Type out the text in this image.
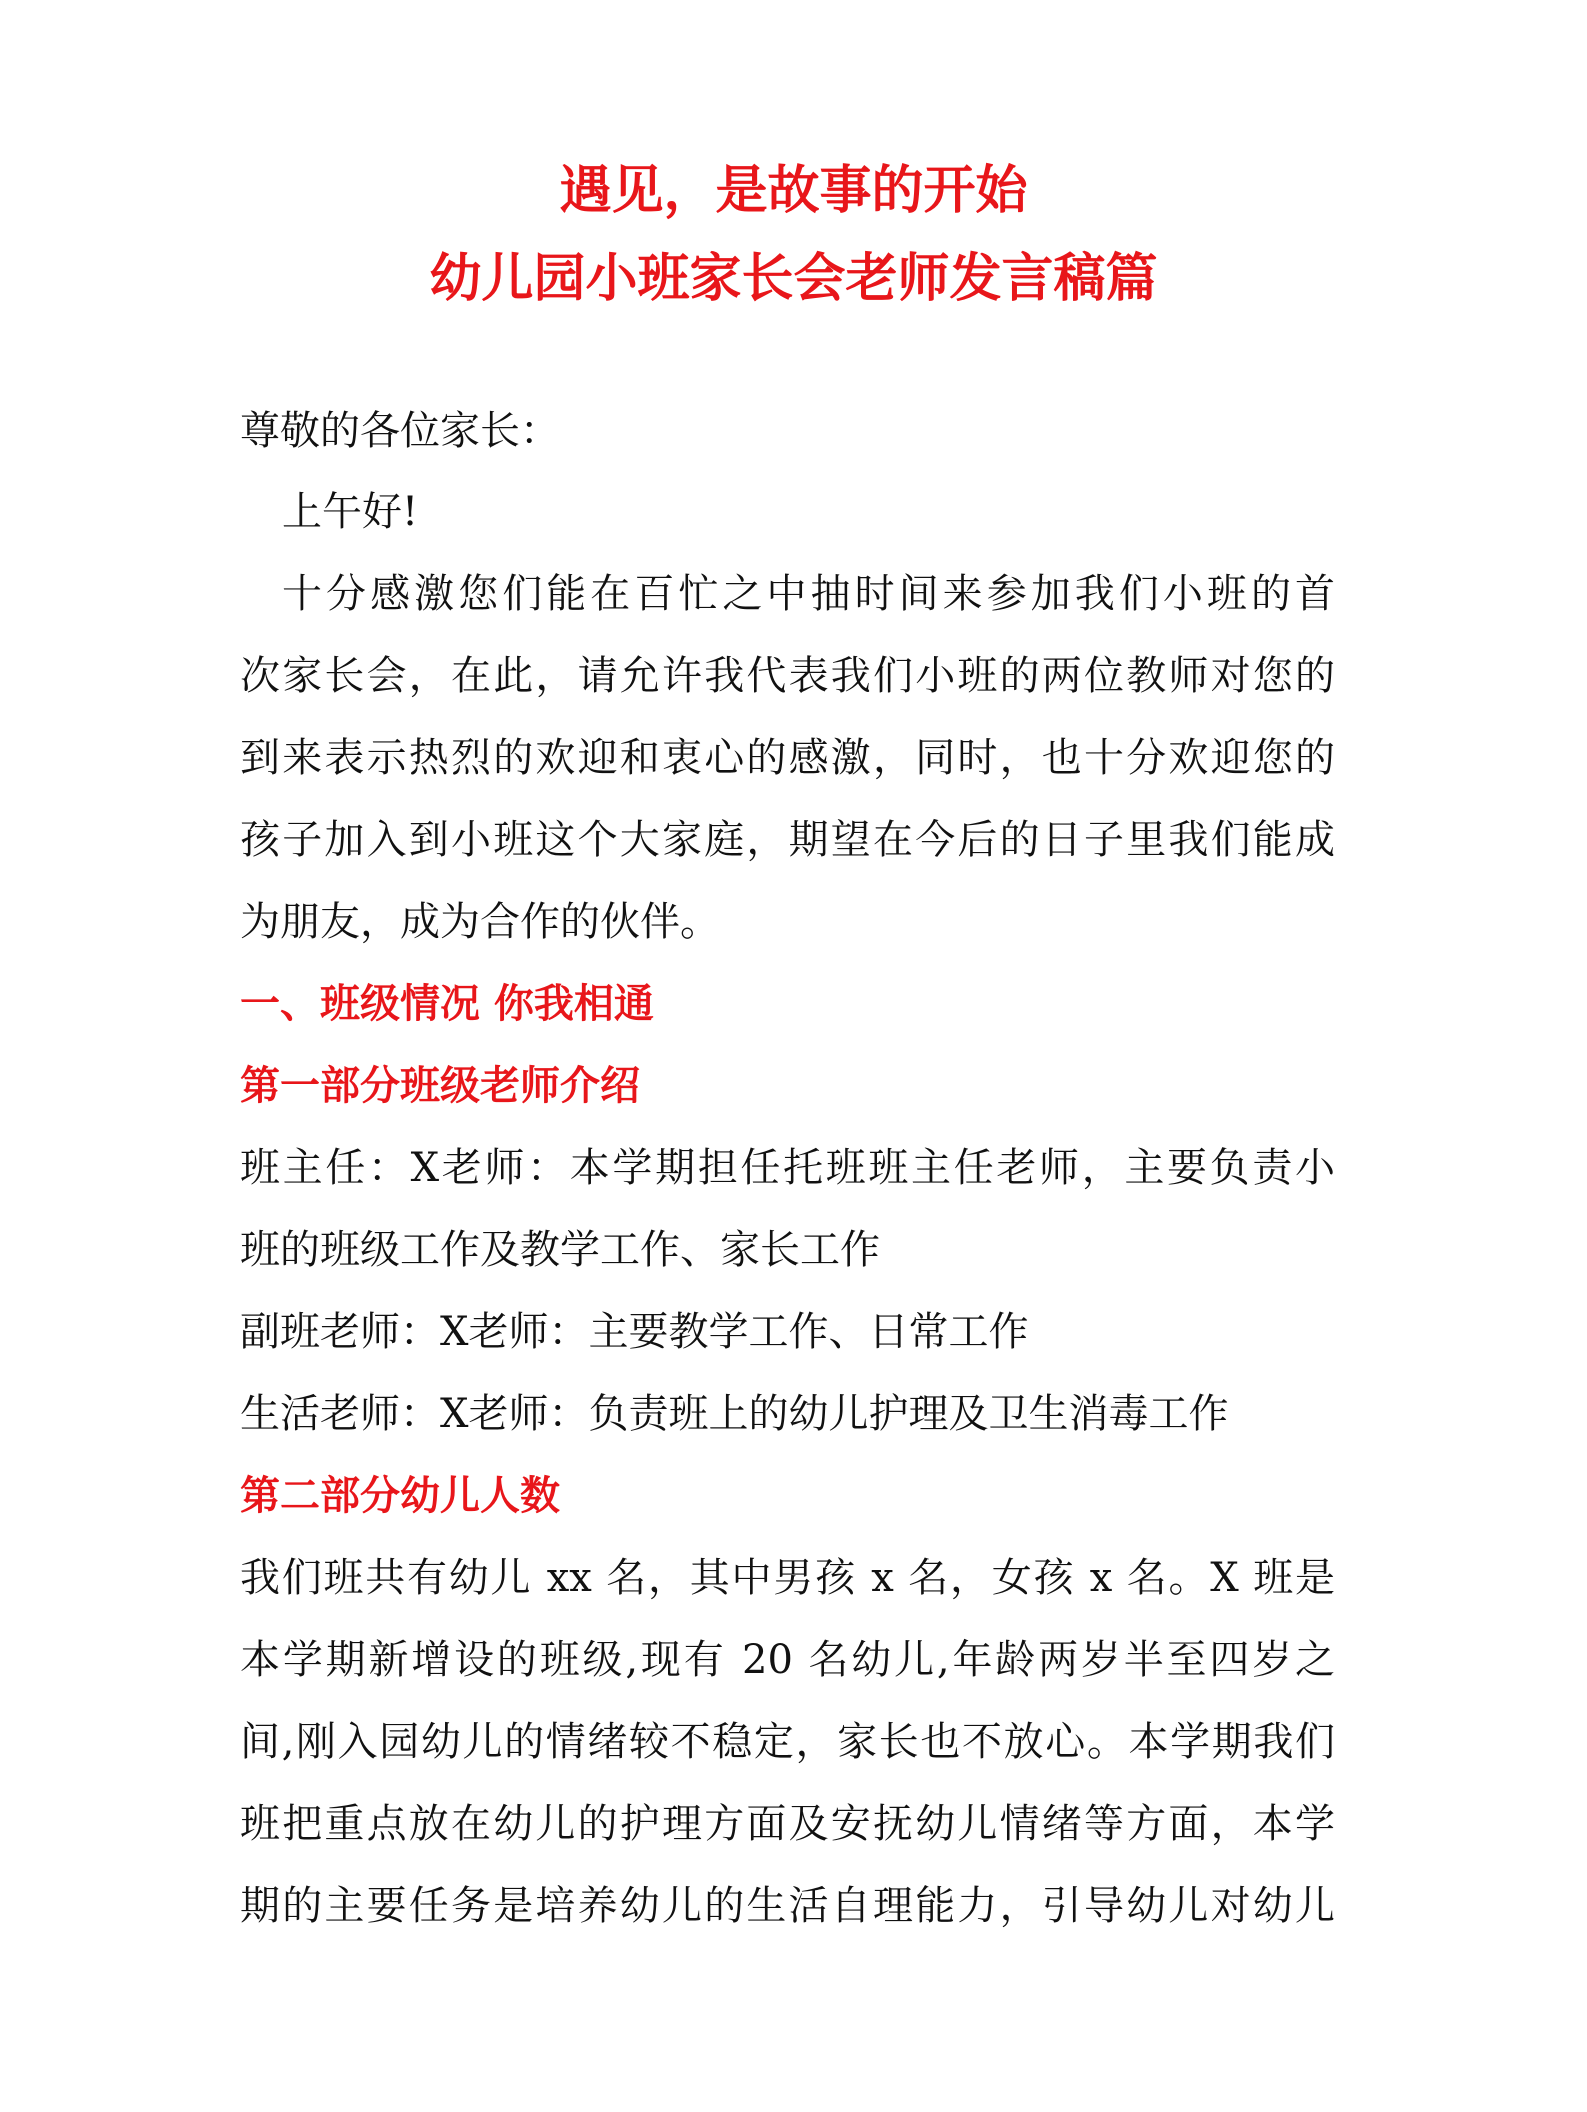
遇见，是故事的开始
幼儿园小班家长会老师发言稿篇
尊敬的各位家长：
上午好!
十分感激您们能在百忙之中抽时间来参加我们小班的首
次家长会，在此，请允许我代表我们小班的两位教师对您的
到来表示热烈的欢迎和衷心的感激，同时，也十分欢迎您的
孩子加入到小班这个大家庭，期望在今后的日子里我们能成
为朋友，成为合作的伙伴。
一、班级情况 你我相通
第一部分班级老师介绍
班主任：X老师：本学期担任托班班主任老师，主要负责小
班的班级工作及教学工作、家长工作
副班老师：X老师：主要教学工作、日常工作
生活老师：X老师：负责班上的幼儿护理及卫生消毒工作
第二部分幼儿人数
我们班共有幼儿 xx 名，其中男孩 x 名，女孩 x 名。X 班是
本学期新增设的班级,现有 20 名幼儿,年龄两岁半至四岁之
间,刚入园幼儿的情绪较不稳定，家长也不放心。本学期我们
班把重点放在幼儿的护理方面及安抚幼儿情绪等方面，本学
期的主要任务是培养幼儿的生活自理能力，引导幼儿对幼儿
